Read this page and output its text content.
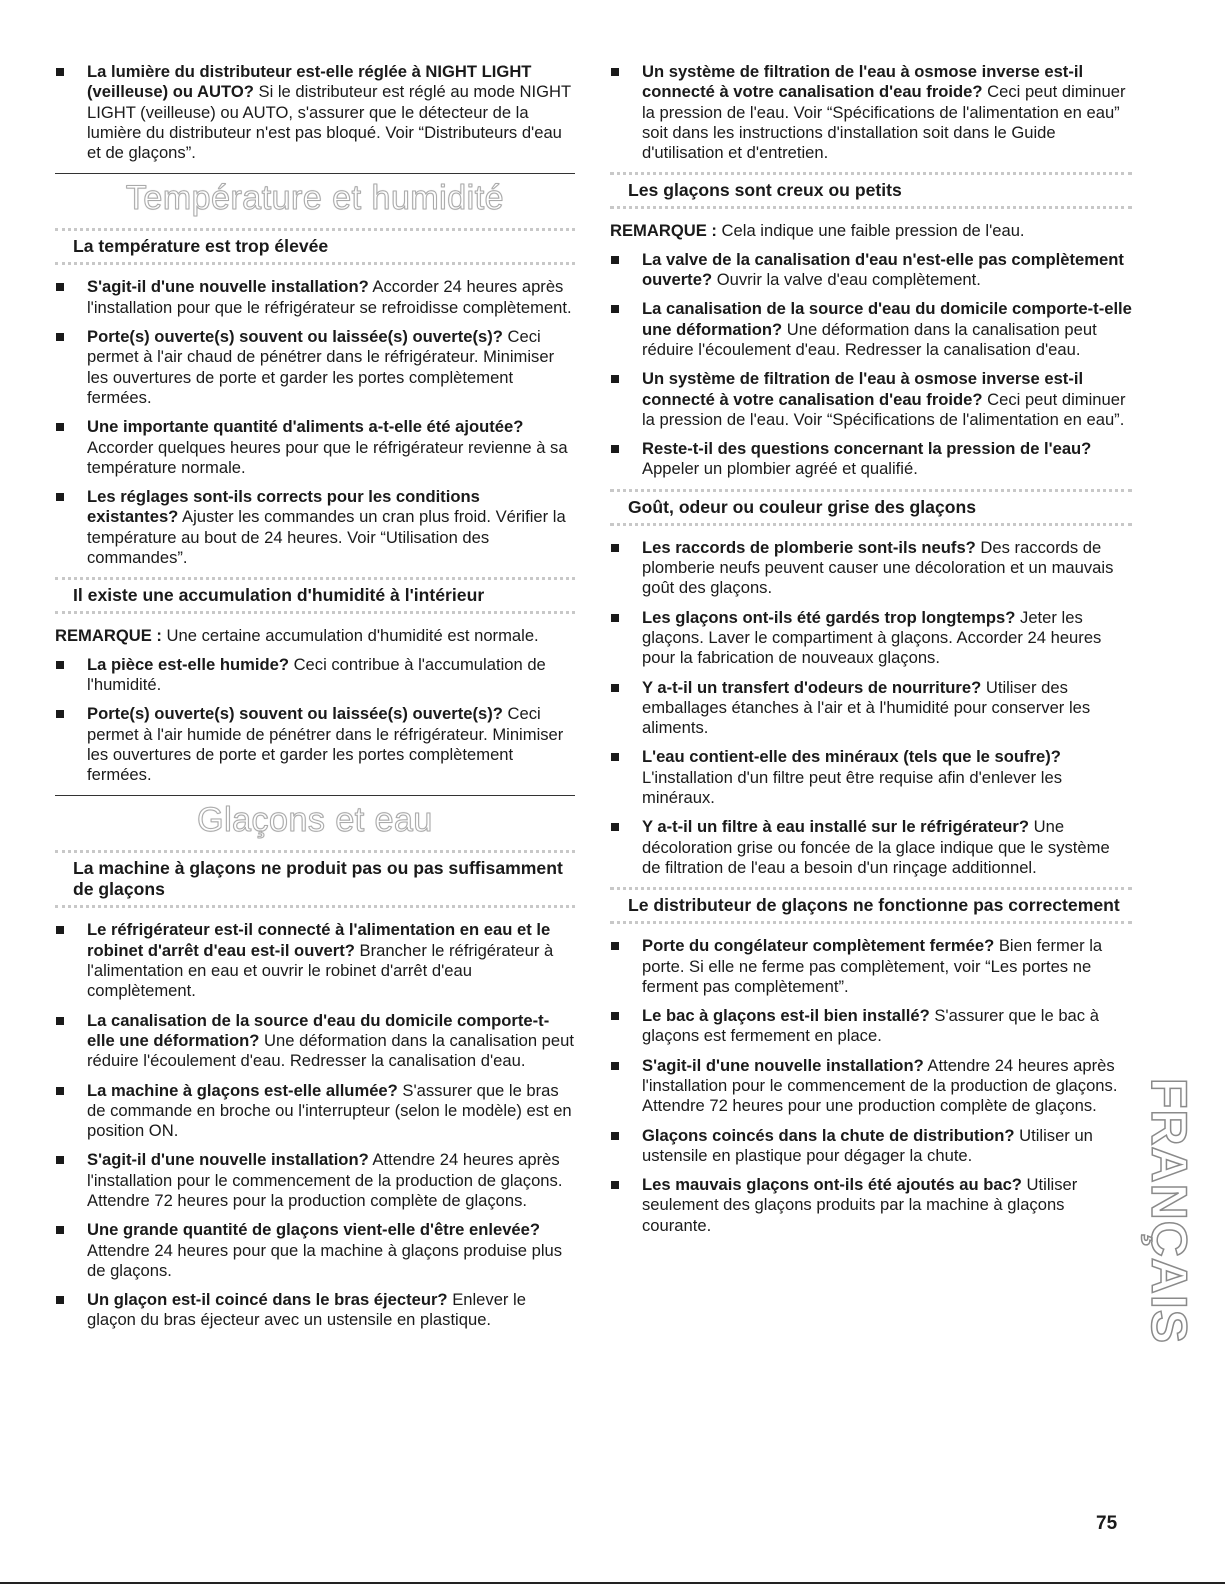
La lumière du distributeur est-elle réglée à NIGHT LIGHT (veilleuse) ou AUTO? Si le distributeur est réglé au mode NIGHT LIGHT (veilleuse) ou AUTO, s'assurer que le détecteur de la lumière du distributeur n'est pas bloqué. Voir “Distributeurs d'eau et de glaçons”.
Température et humidité
La température est trop élevée
S'agit-il d'une nouvelle installation? Accorder 24 heures après l'installation pour que le réfrigérateur se refroidisse complètement.
Porte(s) ouverte(s) souvent ou laissée(s) ouverte(s)? Ceci permet à l'air chaud de pénétrer dans le réfrigérateur. Minimiser les ouvertures de porte et garder les portes complètement fermées.
Une importante quantité d'aliments a-t-elle été ajoutée? Accorder quelques heures pour que le réfrigérateur revienne à sa température normale.
Les réglages sont-ils corrects pour les conditions existantes? Ajuster les commandes un cran plus froid. Vérifier la température au bout de 24 heures. Voir “Utilisation des commandes”.
Il existe une accumulation d'humidité à l'intérieur
REMARQUE : Une certaine accumulation d'humidité est normale.
La pièce est-elle humide? Ceci contribue à l'accumulation de l'humidité.
Porte(s) ouverte(s) souvent ou laissée(s) ouverte(s)? Ceci permet à l'air humide de pénétrer dans le réfrigérateur. Minimiser les ouvertures de porte et garder les portes complètement fermées.
Glaçons et eau
La machine à glaçons ne produit pas ou pas suffisamment de glaçons
Le réfrigérateur est-il connecté à l'alimentation en eau et le robinet d'arrêt d'eau est-il ouvert? Brancher le réfrigérateur à l'alimentation en eau et ouvrir le robinet d'arrêt d'eau complètement.
La canalisation de la source d'eau du domicile comporte-t-elle une déformation? Une déformation dans la canalisation peut réduire l'écoulement d'eau. Redresser la canalisation d'eau.
La machine à glaçons est-elle allumée? S'assurer que le bras de commande en broche ou l'interrupteur (selon le modèle) est en position ON.
S'agit-il d'une nouvelle installation? Attendre 24 heures après l'installation pour le commencement de la production de glaçons. Attendre 72 heures pour la production complète de glaçons.
Une grande quantité de glaçons vient-elle d'être enlevée? Attendre 24 heures pour que la machine à glaçons produise plus de glaçons.
Un glaçon est-il coincé dans le bras éjecteur? Enlever le glaçon du bras éjecteur avec un ustensile en plastique.
Un système de filtration de l'eau à osmose inverse est-il connecté à votre canalisation d'eau froide? Ceci peut diminuer la pression de l'eau. Voir “Spécifications de l'alimentation en eau” soit dans les instructions d'installation soit dans le Guide d'utilisation et d'entretien.
Les glaçons sont creux ou petits
REMARQUE : Cela indique une faible pression de l'eau.
La valve de la canalisation d'eau n'est-elle pas complètement ouverte? Ouvrir la valve d'eau complètement.
La canalisation de la source d'eau du domicile comporte-t-elle une déformation? Une déformation dans la canalisation peut réduire l'écoulement d'eau. Redresser la canalisation d'eau.
Un système de filtration de l'eau à osmose inverse est-il connecté à votre canalisation d'eau froide? Ceci peut diminuer la pression de l'eau. Voir “Spécifications de l'alimentation en eau”.
Reste-t-il des questions concernant la pression de l'eau? Appeler un plombier agréé et qualifié.
Goût, odeur ou couleur grise des glaçons
Les raccords de plomberie sont-ils neufs? Des raccords de plomberie neufs peuvent causer une décoloration et un mauvais goût des glaçons.
Les glaçons ont-ils été gardés trop longtemps? Jeter les glaçons. Laver le compartiment à glaçons. Accorder 24 heures pour la fabrication de nouveaux glaçons.
Y a-t-il un transfert d'odeurs de nourriture? Utiliser des emballages étanches à l'air et à l'humidité pour conserver les aliments.
L'eau contient-elle des minéraux (tels que le soufre)? L'installation d'un filtre peut être requise afin d'enlever les minéraux.
Y a-t-il un filtre à eau installé sur le réfrigérateur? Une décoloration grise ou foncée de la glace indique que le système de filtration de l'eau a besoin d'un rinçage additionnel.
Le distributeur de glaçons ne fonctionne pas correctement
Porte du congélateur complètement fermée? Bien fermer la porte. Si elle ne ferme pas complètement, voir “Les portes ne ferment pas complètement”.
Le bac à glaçons est-il bien installé? S'assurer que le bac à glaçons est fermement en place.
S'agit-il d'une nouvelle installation? Attendre 24 heures après l'installation pour le commencement de la production de glaçons. Attendre 72 heures pour une production complète de glaçons.
Glaçons coincés dans la chute de distribution? Utiliser un ustensile en plastique pour dégager la chute.
Les mauvais glaçons ont-ils été ajoutés au bac? Utiliser seulement des glaçons produits par la machine à glaçons courante.	FRANÇAIS
75
